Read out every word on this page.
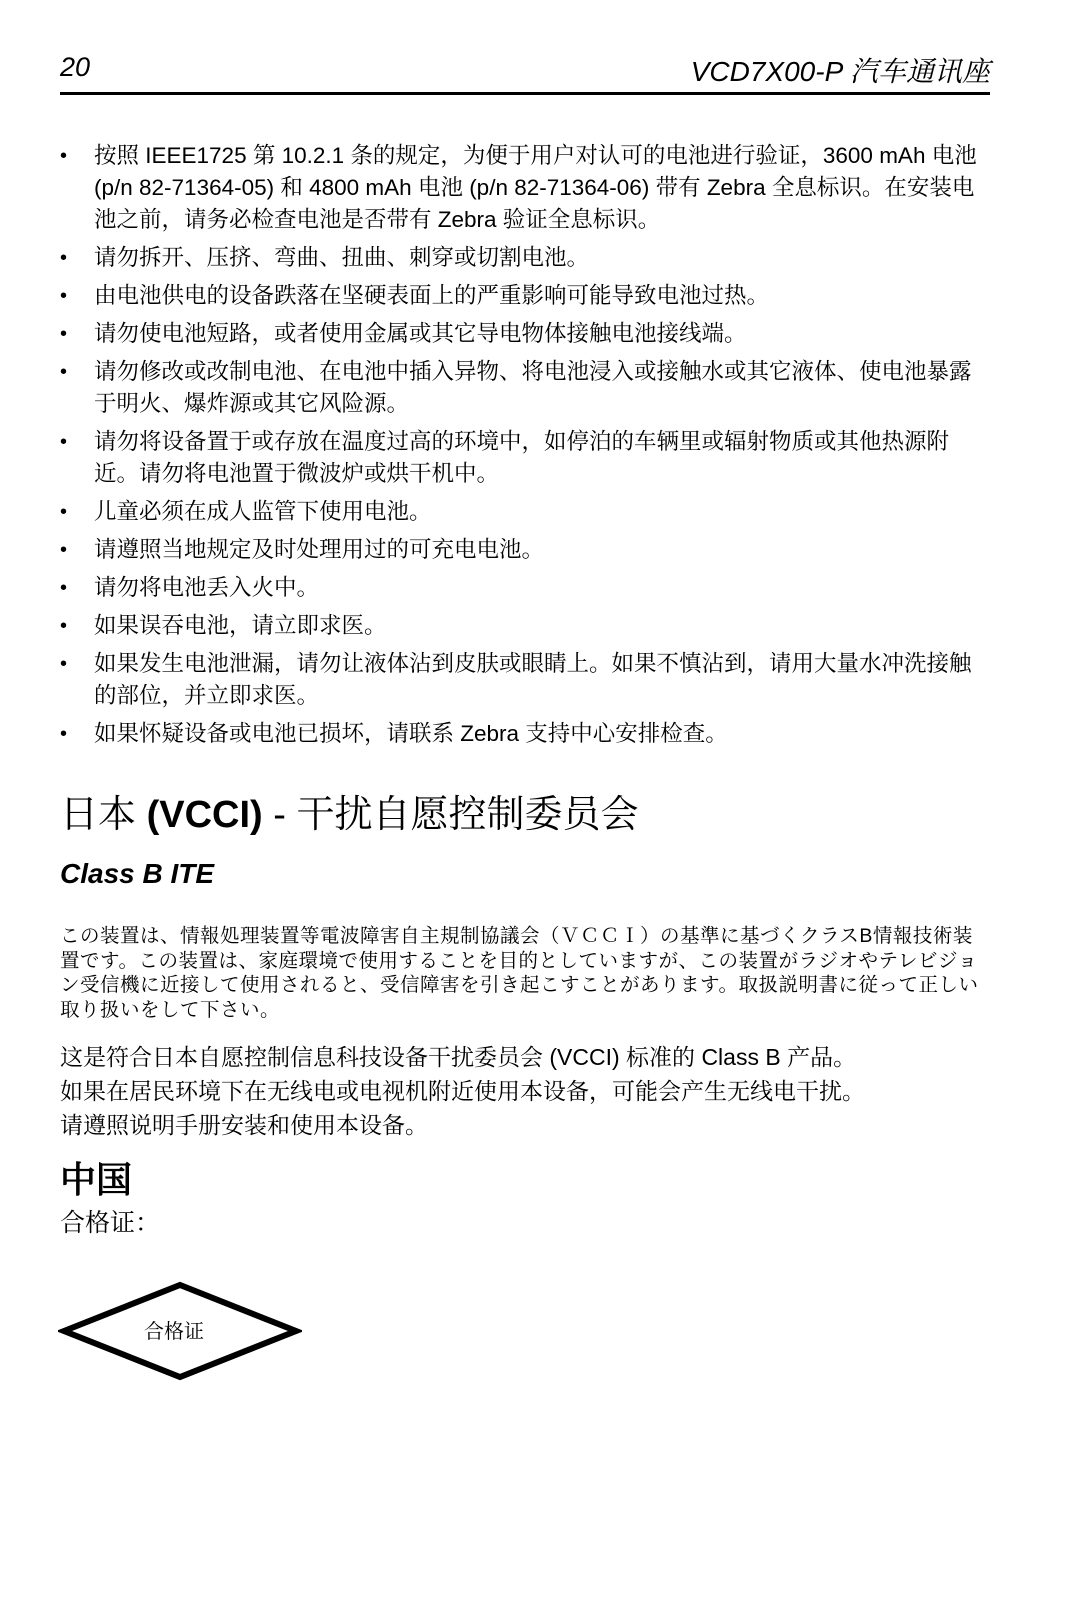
20	VCD7X00-P 汽车通讯座
• 按照 IEEE1725 第 10.2.1 条的规定，为便于用户对认可的电池进行验证，3600 mAh 电池 (p/n 82-71364-05) 和 4800 mAh 电池 (p/n 82-71364-06) 带有 Zebra 全息标识。在安装电池之前，请务必检查电池是否带有 Zebra 验证全息标识。
• 请勿拆开、压挤、弯曲、扭曲、刺穿或切割电池。
• 由电池供电的设备跌落在坚硬表面上的严重影响可能导致电池过热。
• 请勿使电池短路，或者使用金属或其它导电物体接触电池接线端。
• 请勿修改或改制电池、在电池中插入异物、将电池浸入或接触水或其它液体、使电池暴露于明火、爆炸源或其它风险源。
• 请勿将设备置于或存放在温度过高的环境中，如停泊的车辆里或辐射物质或其他热源附近。请勿将电池置于微波炉或烘干机中。
• 儿童必须在成人监管下使用电池。
• 请遵照当地规定及时处理用过的可充电电池。
• 请勿将电池丢入火中。
• 如果误吞电池，请立即求医。
• 如果发生电池泄漏，请勿让液体沾到皮肤或眼睛上。如果不慎沾到，请用大量水冲洗接触的部位，并立即求医。
• 如果怀疑设备或电池已损坏，请联系 Zebra 支持中心安排检查。
日本 (VCCI) - 干扰自愿控制委员会
Class B ITE
この装置は、情報処理装置等電波障害自主規制協議会（ＶＣＣＩ）の基準に基づくクラスB情報技術装置です。この装置は、家庭環境で使用することを目的としていますが、この装置がラジオやテレビジョン受信機に近接して使用されると、受信障害を引き起こすことがあります。取扱説明書に従って正しい取り扱いをして下さい。
这是符合日本自愿控制信息科技设备干扰委员会 (VCCI) 标准的 Class B 产品。
如果在居民环境下在无线电或电视机附近使用本设备，可能会产生无线电干扰。
请遵照说明手册安装和使用本设备。
中国
合格证：
合格证
